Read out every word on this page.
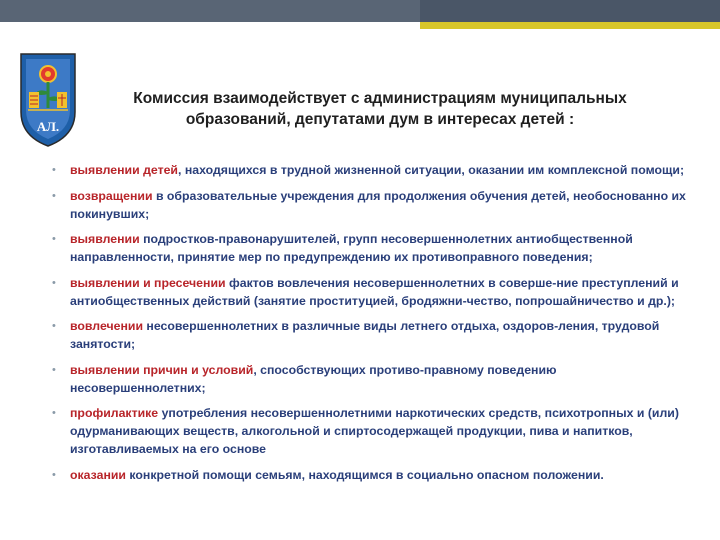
АЛ.
Комиссия взаимодействует с администрациям муниципальных
образований, депутатами дум в интересах детей :
• выявлении детей, находящихся в трудной жизненной ситуации, оказании им комплексной помощи;
• возвращении в образовательные учреждения для продолжения обучения детей, необоснованно их покинувших;
• выявлении подростков-правонарушителей, групп несовершеннолетних антиобщественной направленности, принятие мер по предупреждению их противоправного поведения;
• выявлении и пресечении фактов вовлечения несовершеннолетних в соверше-ние преступлений и антиобщественных действий (занятие проституцией, бродяжни-чество, попрошайничество и др.);
• вовлечении несовершеннолетних в различные виды летнего отдыха, оздоров-ления, трудовой занятости;
• выявлении причин и условий, способствующих противо-правному поведению несовершеннолетних;
• профилактике употребления несовершеннолетними наркотических средств, психотропных и (или) одурманивающих веществ, алкогольной и спиртосодержащей продукции, пива и напитков, изготавливаемых на его основе
• оказании конкретной помощи семьям, находящимся в социально опасном положении.
